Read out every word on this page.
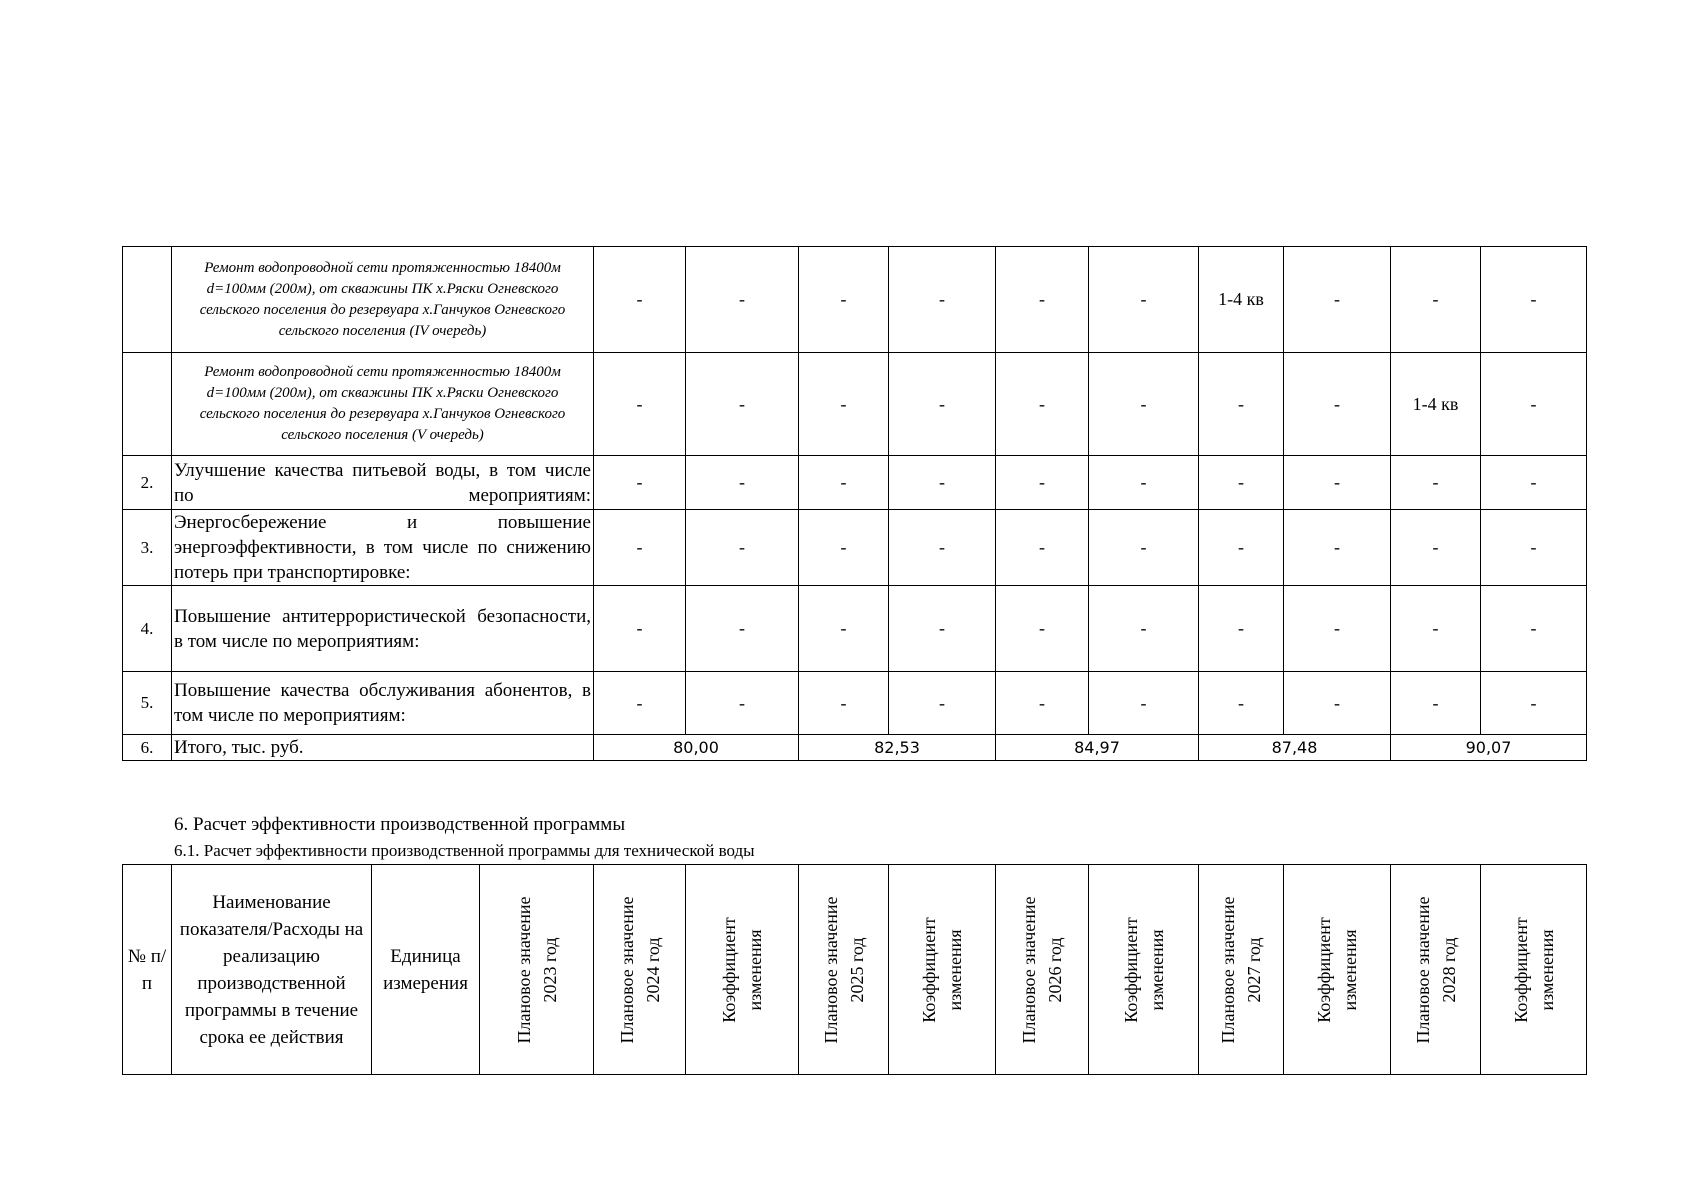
	Ремонт водопроводной сети протяженностью 18400м d=100мм (200м), от скважины ПК х.Ряски Огневского сельского поселения до резервуара х.Ганчуков Огневского сельского поселения (IV очередь)	-	-	-	-	-	-	1-4 кв	-	-	-
	Ремонт водопроводной сети протяженностью 18400м d=100мм (200м), от скважины ПК х.Ряски Огневского сельского поселения до резервуара х.Ганчуков Огневского сельского поселения (V очередь)	-	-	-	-	-	-	-	-	1-4 кв	-
2.	Улучшение качества питьевой воды, в том числе по мероприятиям:	-	-	-	-	-	-	-	-	-	-
3.	Энергосбережение и повышение энергоэффективности, в том числе по снижению потерь при транспортировке:	-	-	-	-	-	-	-	-	-	-
4.	Повышение антитеррористической безопасности, в том числе по мероприятиям:	-	-	-	-	-	-	-	-	-	-
5.	Повышение качества обслуживания абонентов, в том числе по мероприятиям:	-	-	-	-	-	-	-	-	-	-
6.	Итого, тыс. руб.	80,00		82,53		84,97		87,48		90,07	
6. Расчет эффективности производственной программы
6.1. Расчет эффективности производственной программы для технической воды
№ п/п	Наименование показателя/Расходы на реализацию производственной программы в течение срока ее действия	Единица измерения	Плановое значение 2023 год	Плановое значение 2024 год	Коэффициент изменения	Плановое значение 2025 год	Коэффициент изменения	Плановое значение 2026 год	Коэффициент изменения	Плановое значение 2027 год	Коэффициент изменения	Плановое значение 2028 год	Коэффициент изменения
